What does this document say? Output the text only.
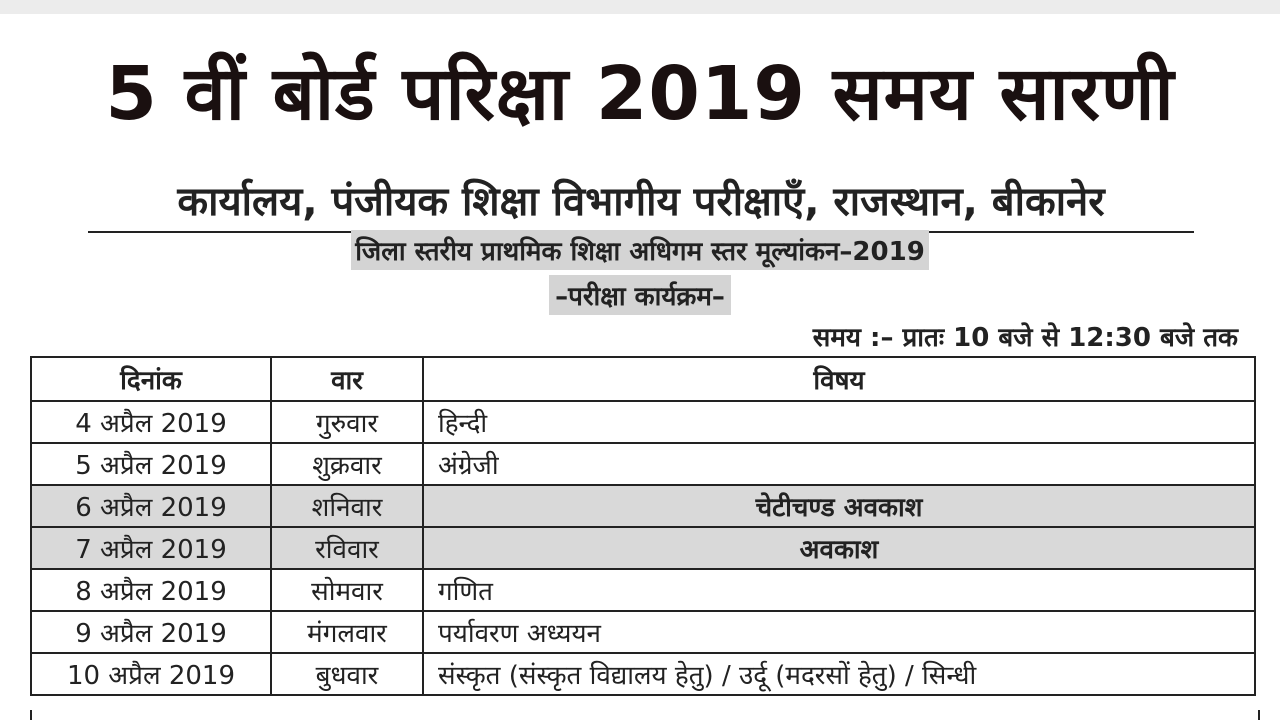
5 वीं बोर्ड परिक्षा 2019 समय सारणी
कार्यालय, पंजीयक शिक्षा विभागीय परीक्षाएँ, राजस्थान, बीकानेर
जिला स्तरीय प्राथमिक शिक्षा अधिगम स्तर मूल्यांकन–2019
–परीक्षा कार्यक्रम–
समय :– प्रातः 10 बजे से 12:30 बजे तक
दिनांक	वार	विषय
4 अप्रैल 2019	गुरुवार	हिन्दी
5 अप्रैल 2019	शुक्रवार	अंग्रेजी
6 अप्रैल 2019	शनिवार	चेटीचण्ड अवकाश
7 अप्रैल 2019	रविवार	अवकाश
8 अप्रैल 2019	सोमवार	गणित
9 अप्रैल 2019	मंगलवार	पर्यावरण अध्ययन
10 अप्रैल 2019	बुधवार	संस्कृत (संस्कृत विद्यालय हेतु) / उर्दू (मदरसों हेतु) / सिन्धी
